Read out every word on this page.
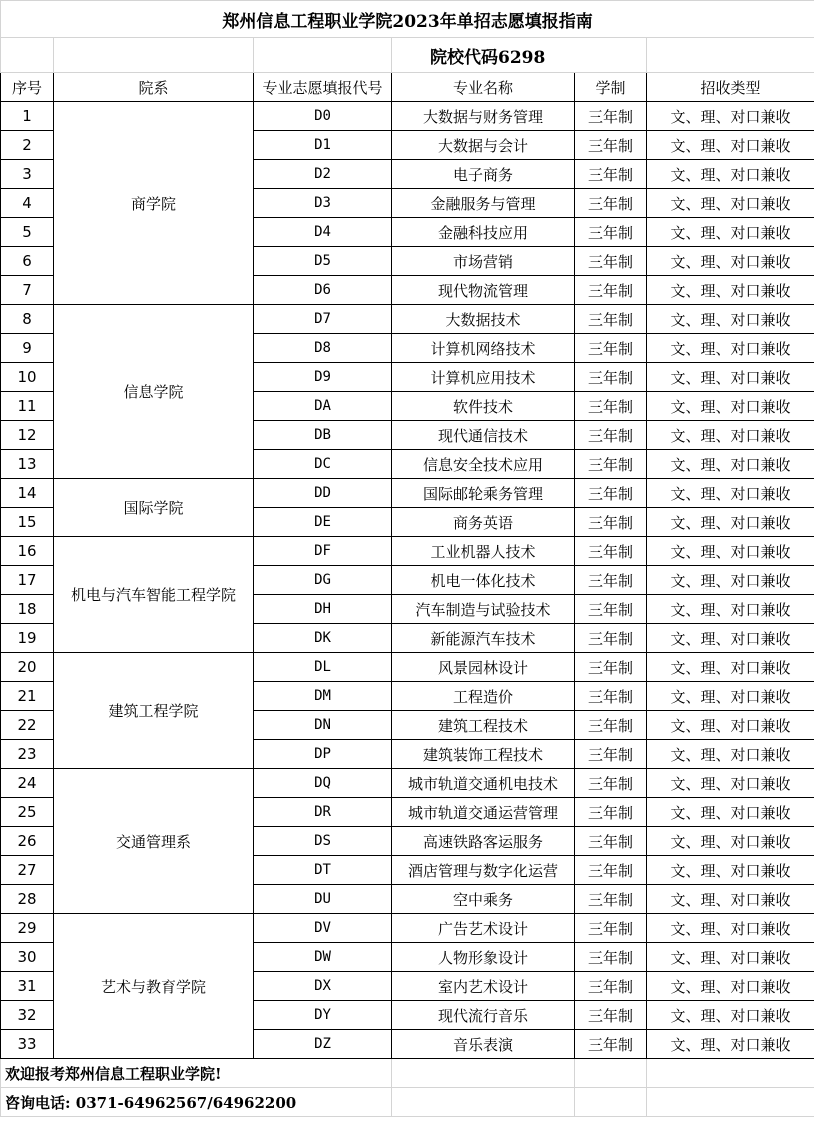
郑州信息工程职业学院2023年单招志愿填报指南					
			院校代码6298		
序号	院系	专业志愿填报代号	专业名称	学制	招收类型
1	商学院	D0	大数据与财务管理	三年制	文、理、对口兼收
2		D1	大数据与会计	三年制	文、理、对口兼收
3		D2	电子商务	三年制	文、理、对口兼收
4		D3	金融服务与管理	三年制	文、理、对口兼收
5		D4	金融科技应用	三年制	文、理、对口兼收
6		D5	市场营销	三年制	文、理、对口兼收
7		D6	现代物流管理	三年制	文、理、对口兼收
8	信息学院	D7	大数据技术	三年制	文、理、对口兼收
9		D8	计算机网络技术	三年制	文、理、对口兼收
10		D9	计算机应用技术	三年制	文、理、对口兼收
11		DA	软件技术	三年制	文、理、对口兼收
12		DB	现代通信技术	三年制	文、理、对口兼收
13		DC	信息安全技术应用	三年制	文、理、对口兼收
14	国际学院	DD	国际邮轮乘务管理	三年制	文、理、对口兼收
15		DE	商务英语	三年制	文、理、对口兼收
16	机电与汽车智能工程学院	DF	工业机器人技术	三年制	文、理、对口兼收
17		DG	机电一体化技术	三年制	文、理、对口兼收
18		DH	汽车制造与试验技术	三年制	文、理、对口兼收
19		DK	新能源汽车技术	三年制	文、理、对口兼收
20	建筑工程学院	DL	风景园林设计	三年制	文、理、对口兼收
21		DM	工程造价	三年制	文、理、对口兼收
22		DN	建筑工程技术	三年制	文、理、对口兼收
23		DP	建筑装饰工程技术	三年制	文、理、对口兼收
24	交通管理系	DQ	城市轨道交通机电技术	三年制	文、理、对口兼收
25		DR	城市轨道交通运营管理	三年制	文、理、对口兼收
26		DS	高速铁路客运服务	三年制	文、理、对口兼收
27		DT	酒店管理与数字化运营	三年制	文、理、对口兼收
28		DU	空中乘务	三年制	文、理、对口兼收
29	艺术与教育学院	DV	广告艺术设计	三年制	文、理、对口兼收
30		DW	人物形象设计	三年制	文、理、对口兼收
31		DX	室内艺术设计	三年制	文、理、对口兼收
32		DY	现代流行音乐	三年制	文、理、对口兼收
33		DZ	音乐表演	三年制	文、理、对口兼收
欢迎报考郑州信息工程职业学院!					
咨询电话: 0371-64962567/64962200					
